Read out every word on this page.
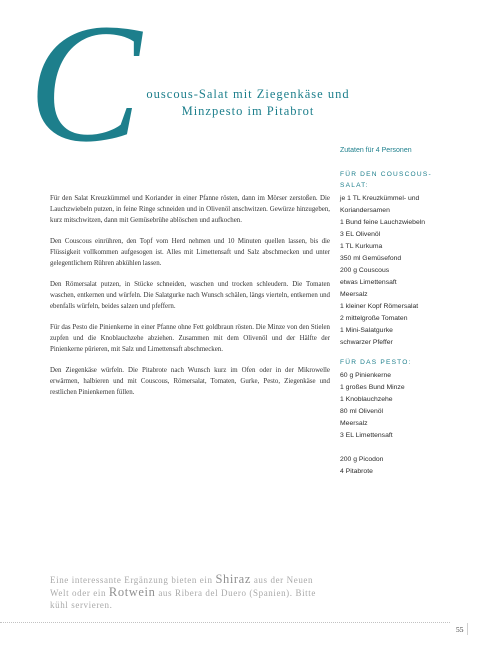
C ouscous-Salat mit Ziegenkäse und
Minzpesto im Pitabrot

Für den Salat Kreuzkümmel und Koriander in einer Pfanne rösten, dann im Mörser zerstoßen. Die Lauchzwiebeln putzen, in feine Ringe schneiden und in Olivenöl anschwitzen. Gewürze hinzugeben, kurz mitschwitzen, dann mit Gemüsebrühe ablöschen und aufkochen.

Den Couscous einrühren, den Topf vom Herd nehmen und 10 Minuten quellen lassen, bis die Flüssigkeit vollkommen aufgesogen ist. Alles mit Limettensaft und Salz abschmecken und unter gelegentlichem Rühren abkühlen lassen.

Den Römersalat putzen, in Stücke schneiden, waschen und trocken schleudern. Die Tomaten waschen, entkernen und würfeln. Die Salatgurke nach Wunsch schälen, längs vierteln, entkernen und ebenfalls würfeln, beides salzen und pfeffern.

Für das Pesto die Pinienkerne in einer Pfanne ohne Fett goldbraun rösten. Die Minze von den Stielen zupfen und die Knoblauchzehe abziehen. Zusammen mit dem Olivenöl und der Hälfte der Pinienkerne pürieren, mit Salz und Limettensaft abschmecken.

Den Ziegenkäse würfeln. Die Pitabrote nach Wunsch kurz im Ofen oder in der Mikrowelle erwärmen, halbieren und mit Couscous, Römersalat, Tomaten, Gurke, Pesto, Ziegenkäse und restlichen Pinienkernen füllen.

Zutaten für 4 Personen
FÜR DEN COUSCOUS-
SALAT:
je 1 TL Kreuzkümmel- und
Koriandersamen
1 Bund feine Lauchzwiebeln
3 EL Olivenöl
1 TL Kurkuma
350 ml Gemüsefond
200 g Couscous
etwas Limettensaft
Meersalz
1 kleiner Kopf Römersalat
2 mittelgroße Tomaten
1 Mini-Salatgurke
schwarzer Pfeffer
FÜR DAS PESTO:
60 g Pinienkerne
1 großes Bund Minze
1 Knoblauchzehe
80 ml Olivenöl
Meersalz
3 EL Limettensaft
200 g Picodon
4 Pitabrote
Eine interessante Ergänzung bieten ein Shiraz aus der Neuen Welt oder ein Rotwein aus Ribera del Duero (Spanien). Bitte kühl servieren.
55
